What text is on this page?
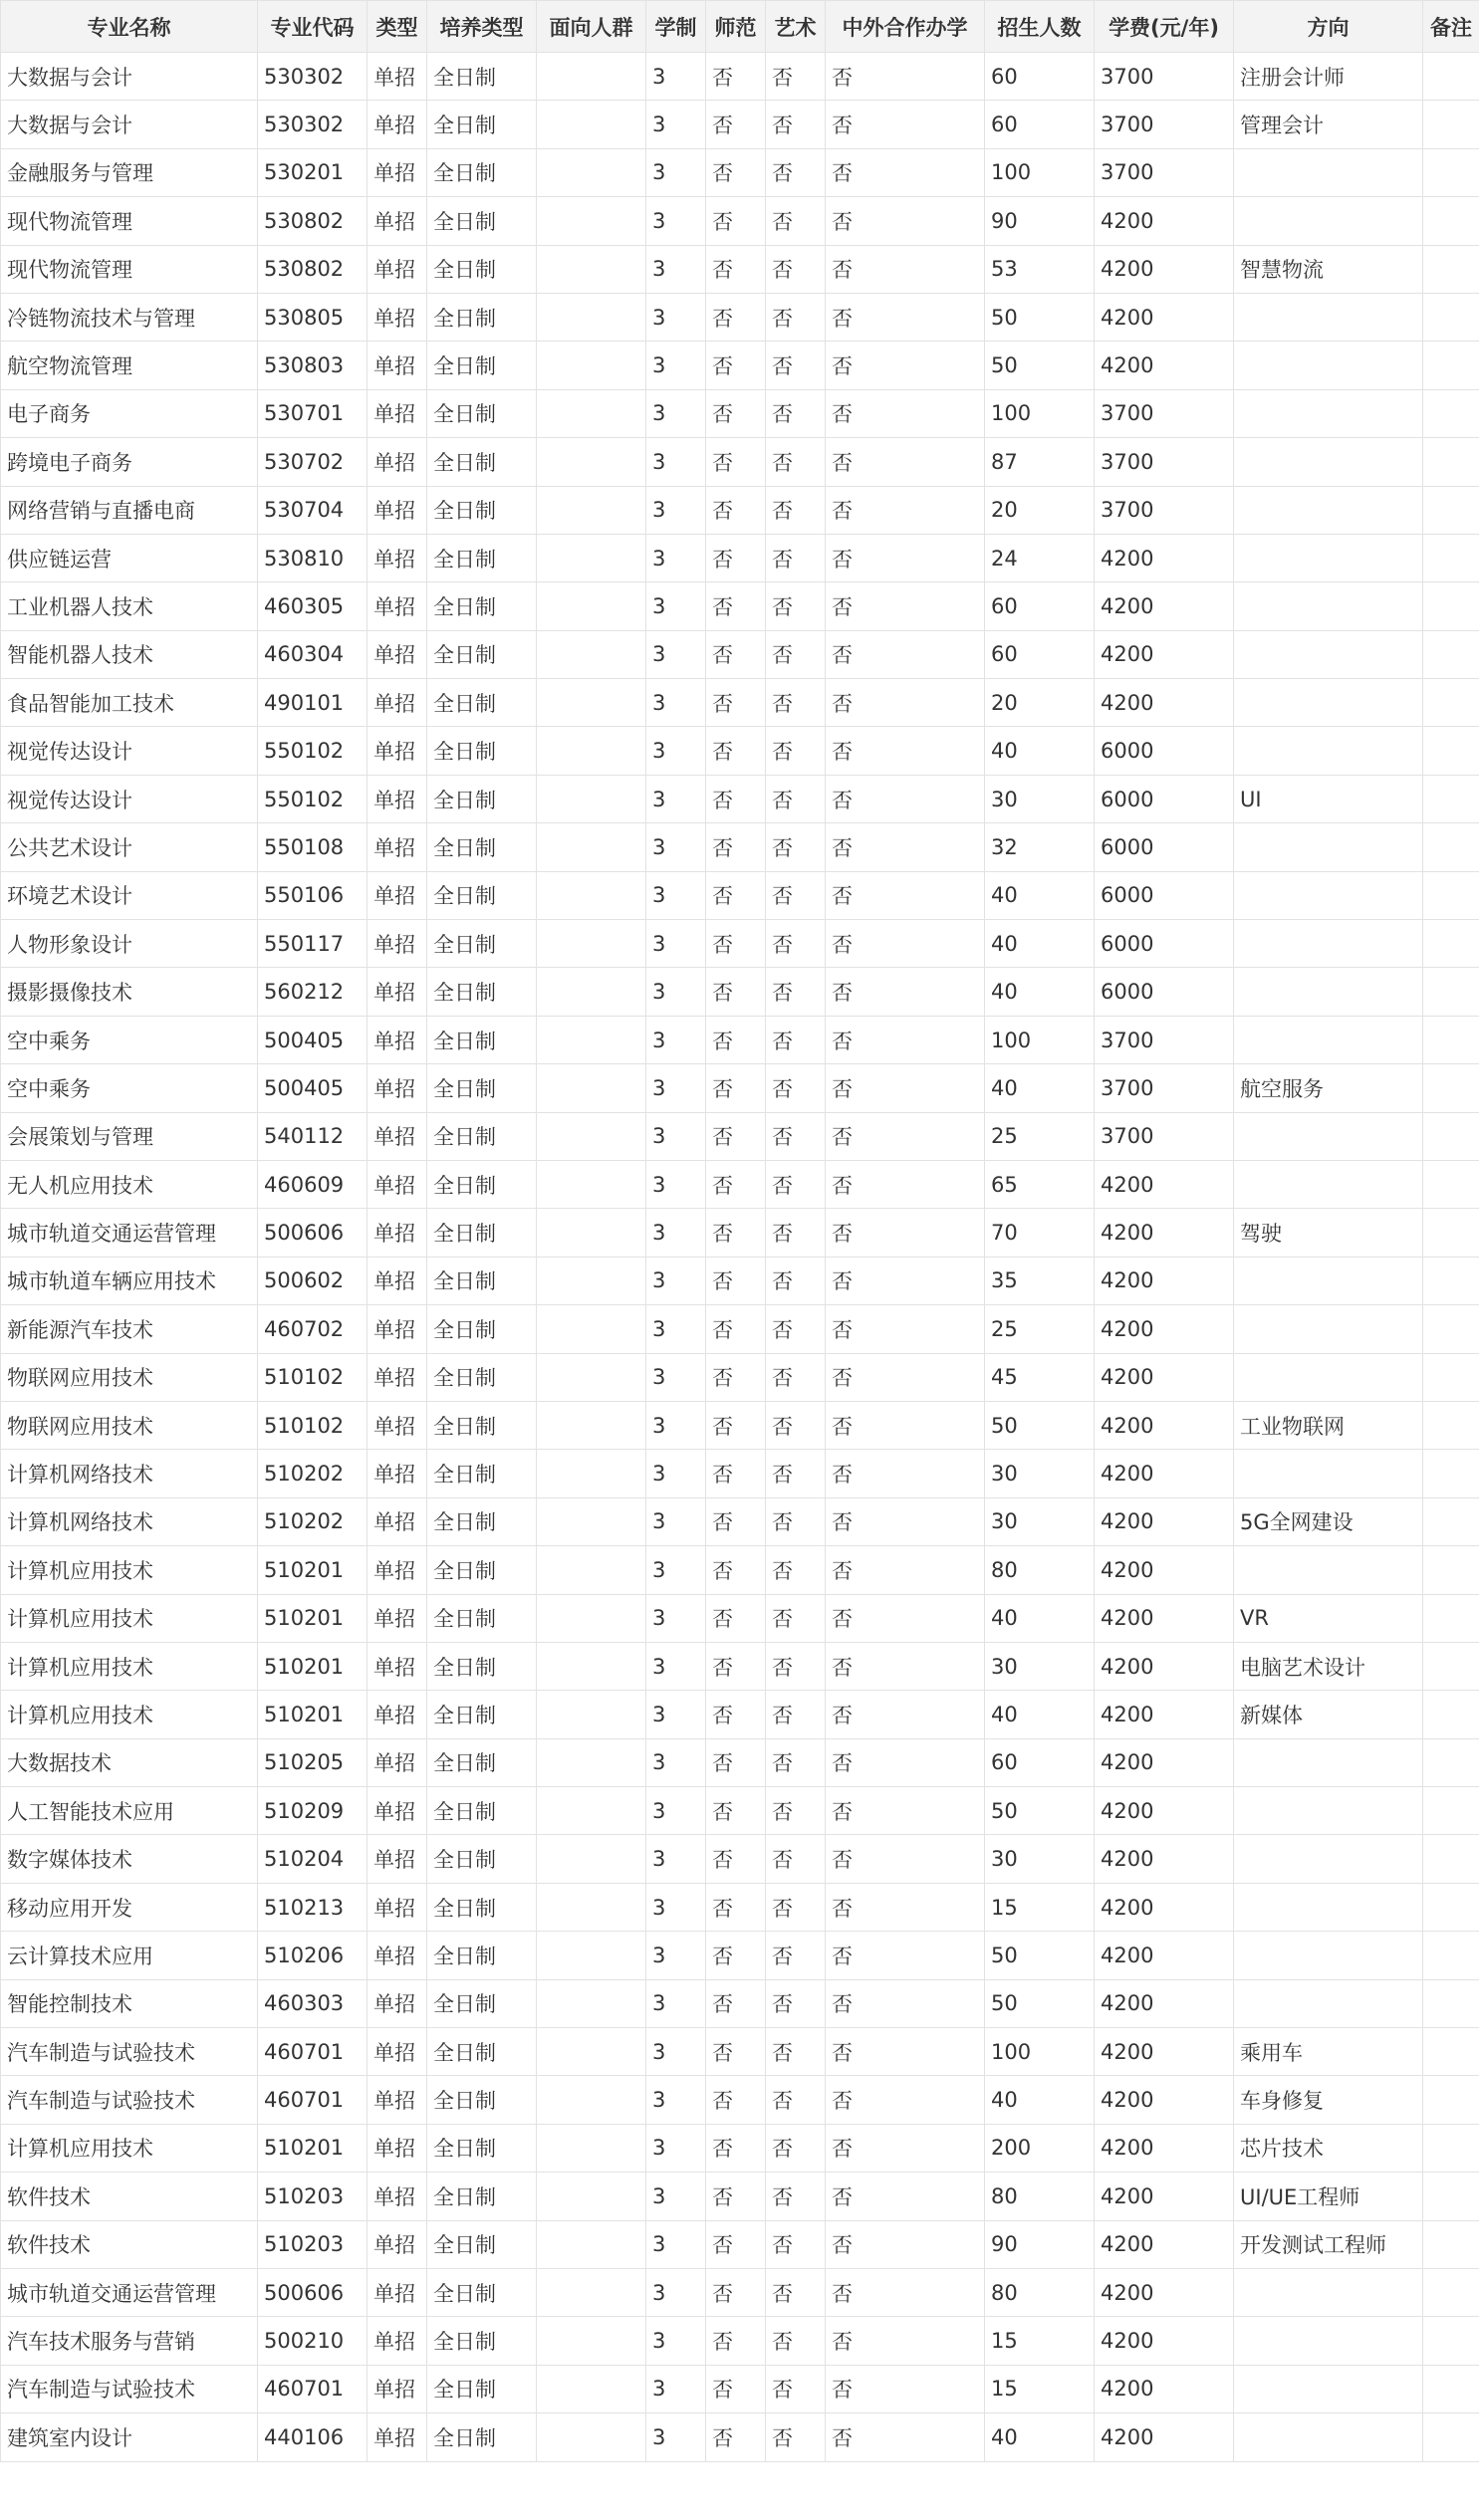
专业名称	专业代码	类型	培养类型	面向人群	学制	师范	艺术	中外合作办学	招生人数	学费(元/年)	方向	备注
大数据与会计	530302	单招	全日制		3	否	否	否	60	3700	注册会计师	
大数据与会计	530302	单招	全日制		3	否	否	否	60	3700	管理会计	
金融服务与管理	530201	单招	全日制		3	否	否	否	100	3700		
现代物流管理	530802	单招	全日制		3	否	否	否	90	4200		
现代物流管理	530802	单招	全日制		3	否	否	否	53	4200	智慧物流	
冷链物流技术与管理	530805	单招	全日制		3	否	否	否	50	4200		
航空物流管理	530803	单招	全日制		3	否	否	否	50	4200		
电子商务	530701	单招	全日制		3	否	否	否	100	3700		
跨境电子商务	530702	单招	全日制		3	否	否	否	87	3700		
网络营销与直播电商	530704	单招	全日制		3	否	否	否	20	3700		
供应链运营	530810	单招	全日制		3	否	否	否	24	4200		
工业机器人技术	460305	单招	全日制		3	否	否	否	60	4200		
智能机器人技术	460304	单招	全日制		3	否	否	否	60	4200		
食品智能加工技术	490101	单招	全日制		3	否	否	否	20	4200		
视觉传达设计	550102	单招	全日制		3	否	否	否	40	6000		
视觉传达设计	550102	单招	全日制		3	否	否	否	30	6000	UI	
公共艺术设计	550108	单招	全日制		3	否	否	否	32	6000		
环境艺术设计	550106	单招	全日制		3	否	否	否	40	6000		
人物形象设计	550117	单招	全日制		3	否	否	否	40	6000		
摄影摄像技术	560212	单招	全日制		3	否	否	否	40	6000		
空中乘务	500405	单招	全日制		3	否	否	否	100	3700		
空中乘务	500405	单招	全日制		3	否	否	否	40	3700	航空服务	
会展策划与管理	540112	单招	全日制		3	否	否	否	25	3700		
无人机应用技术	460609	单招	全日制		3	否	否	否	65	4200		
城市轨道交通运营管理	500606	单招	全日制		3	否	否	否	70	4200	驾驶	
城市轨道车辆应用技术	500602	单招	全日制		3	否	否	否	35	4200		
新能源汽车技术	460702	单招	全日制		3	否	否	否	25	4200		
物联网应用技术	510102	单招	全日制		3	否	否	否	45	4200		
物联网应用技术	510102	单招	全日制		3	否	否	否	50	4200	工业物联网	
计算机网络技术	510202	单招	全日制		3	否	否	否	30	4200		
计算机网络技术	510202	单招	全日制		3	否	否	否	30	4200	5G全网建设	
计算机应用技术	510201	单招	全日制		3	否	否	否	80	4200		
计算机应用技术	510201	单招	全日制		3	否	否	否	40	4200	VR	
计算机应用技术	510201	单招	全日制		3	否	否	否	30	4200	电脑艺术设计	
计算机应用技术	510201	单招	全日制		3	否	否	否	40	4200	新媒体	
大数据技术	510205	单招	全日制		3	否	否	否	60	4200		
人工智能技术应用	510209	单招	全日制		3	否	否	否	50	4200		
数字媒体技术	510204	单招	全日制		3	否	否	否	30	4200		
移动应用开发	510213	单招	全日制		3	否	否	否	15	4200		
云计算技术应用	510206	单招	全日制		3	否	否	否	50	4200		
智能控制技术	460303	单招	全日制		3	否	否	否	50	4200		
汽车制造与试验技术	460701	单招	全日制		3	否	否	否	100	4200	乘用车	
汽车制造与试验技术	460701	单招	全日制		3	否	否	否	40	4200	车身修复	
计算机应用技术	510201	单招	全日制		3	否	否	否	200	4200	芯片技术	
软件技术	510203	单招	全日制		3	否	否	否	80	4200	UI/UE工程师	
软件技术	510203	单招	全日制		3	否	否	否	90	4200	开发测试工程师	
城市轨道交通运营管理	500606	单招	全日制		3	否	否	否	80	4200		
汽车技术服务与营销	500210	单招	全日制		3	否	否	否	15	4200		
汽车制造与试验技术	460701	单招	全日制		3	否	否	否	15	4200		
建筑室内设计	440106	单招	全日制		3	否	否	否	40	4200		
